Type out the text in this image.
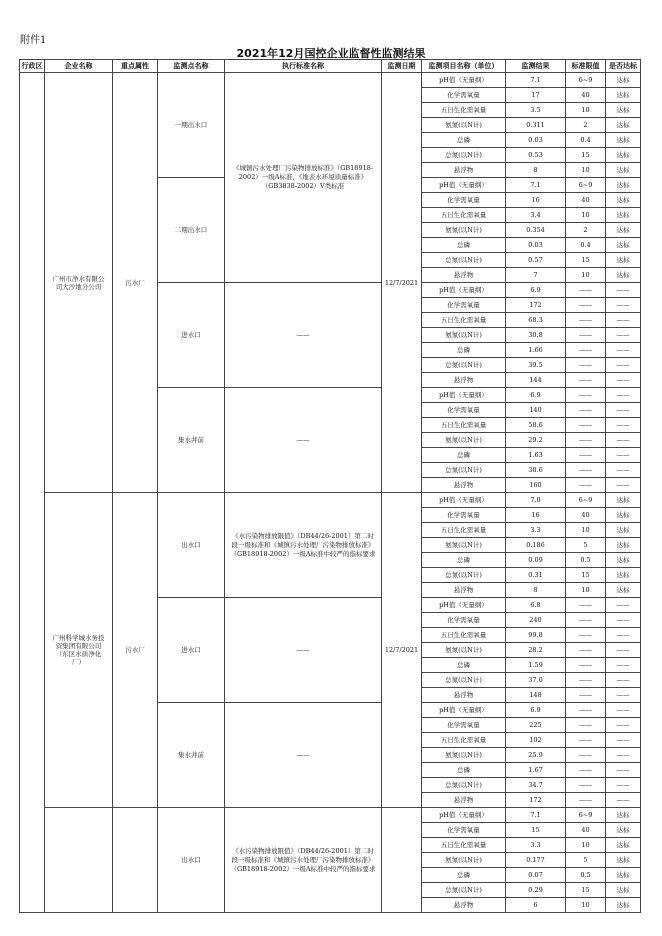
附件1
2021年12月国控企业监督性监测结果
行政区	企业名称	重点属性	监测点名称	执行标准名称	监测日期	监测项目名称（单位）	监测结果	标准限值	是否达标
	广州市净水有限公司大沙地分公司	污水厂	一期出水口	《城镇污水处理厂污染物排放标准》（GB18918-2002）一级A标准，《地表水环境质量标准》（GB3838-2002）V类标准	12/7/2021	pH值（无量纲）	7.1	6~9	达标
						化学需氧量	17	40	达标
						五日生化需氧量	3.5	10	达标
						氨氮(以N计)	0.311	2	达标
						总磷	0.03	0.4	达标
						总氮(以N计)	0.53	15	达标
						悬浮物	8	10	达标
			二期出水口			pH值（无量纲）	7.1	6~9	达标
						化学需氧量	16	40	达标
						五日生化需氧量	3.4	10	达标
						氨氮(以N计)	0.354	2	达标
						总磷	0.03	0.4	达标
						总氮(以N计)	0.57	15	达标
						悬浮物	7	10	达标
			进水口	——		pH值（无量纲）	6.9	——	——
						化学需氧量	172	——	——
						五日生化需氧量	68.3	——	——
						氨氮(以N计)	30.8	——	——
						总磷	1.66	——	——
						总氮(以N计)	39.5	——	——
						悬浮物	144	——	——
			集水井前	——		pH值（无量纲）	6.9	——	——
						化学需氧量	140	——	——
						五日生化需氧量	58.6	——	——
						氨氮(以N计)	29.2	——	——
						总磷	1.63	——	——
						总氮(以N计)	38.6	——	——
						悬浮物	160	——	——
	广州科学城水务投资集团有限公司（东区水质净化厂）	污水厂	出水口	《水污染物排放限值》（DB44/26-2001）第二时段一级标准和《城镇污水处理厂污染物排放标准》（GB18918-2002）一级A标准中较严的指标要求	12/7/2021	pH值（无量纲）	7.0	6~9	达标
						化学需氧量	16	40	达标
						五日生化需氧量	3.3	10	达标
						氨氮(以N计)	0.186	5	达标
						总磷	0.09	0.5	达标
						总氮(以N计)	0.31	15	达标
						悬浮物	8	10	达标
			进水口	——		pH值（无量纲）	6.8	——	——
						化学需氧量	240	——	——
						五日生化需氧量	99.8	——	——
						氨氮(以N计)	28.2	——	——
						总磷	1.59	——	——
						总氮(以N计)	37.0	——	——
						悬浮物	148	——	——
			集水井前	——		pH值（无量纲）	6.9	——	——
						化学需氧量	225	——	——
						五日生化需氧量	102	——	——
						氨氮(以N计)	25.9	——	——
						总磷	1.67	——	——
						总氮(以N计)	34.7	——	——
						悬浮物	172	——	——
			出水口	《水污染物排放限值》（DB44/26-2001）第二时段一级标准和《城镇污水处理厂污染物排放标准》（GB18918-2002）一级A标准中较严的指标要求		pH值（无量纲）	7.1	6~9	达标
						化学需氧量	15	40	达标
						五日生化需氧量	3.3	10	达标
						氨氮(以N计)	0.177	5	达标
						总磷	0.07	0.5	达标
						总氮(以N计)	0.29	15	达标
						悬浮物	6	10	达标
